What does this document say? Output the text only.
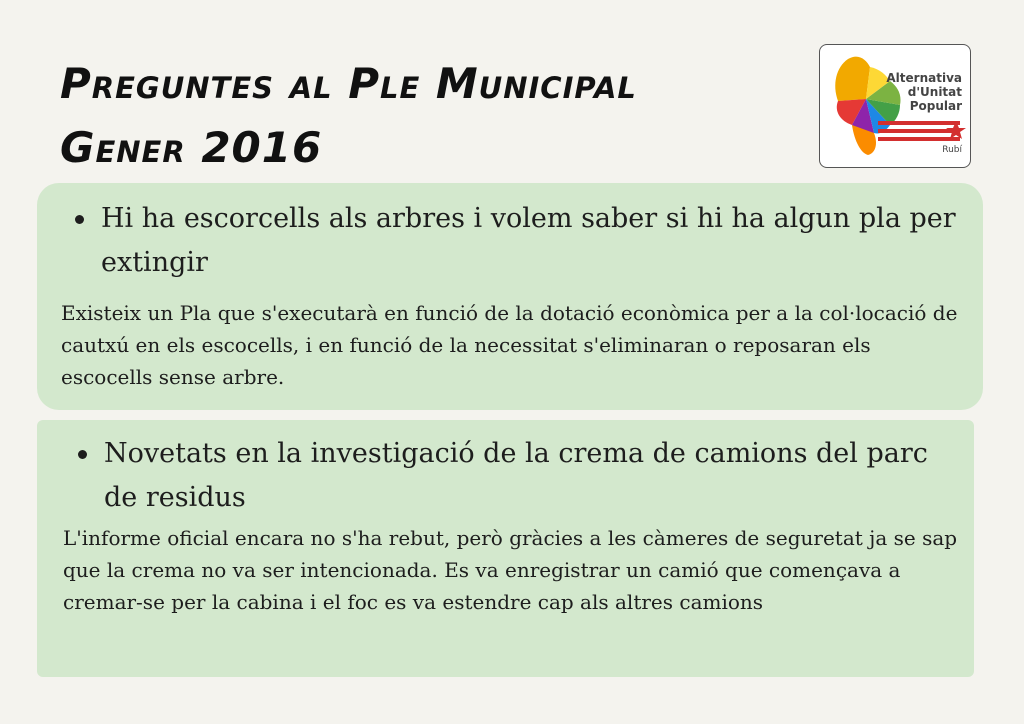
Preguntes al Ple Municipal
Gener 2016
Alternativa
d'Unitat
Popular
Rubí

Hi ha escorcells als arbres i volem saber si hi ha algun pla per extingir

Existeix un Pla que s'executarà en funció de la dotació econòmica per a la col·locació de cautxú en els escocells, i en funció de la necessitat s'eliminaran o reposaran els escocells sense arbre.

Novetats en la investigació de la crema de camions del parc de residus

L'informe oficial encara no s'ha rebut, però gràcies a les càmeres de seguretat ja se sap que la crema no va ser intencionada. Es va enregistrar un camió que començava a cremar-se per la cabina i el foc es va estendre cap als altres camions
